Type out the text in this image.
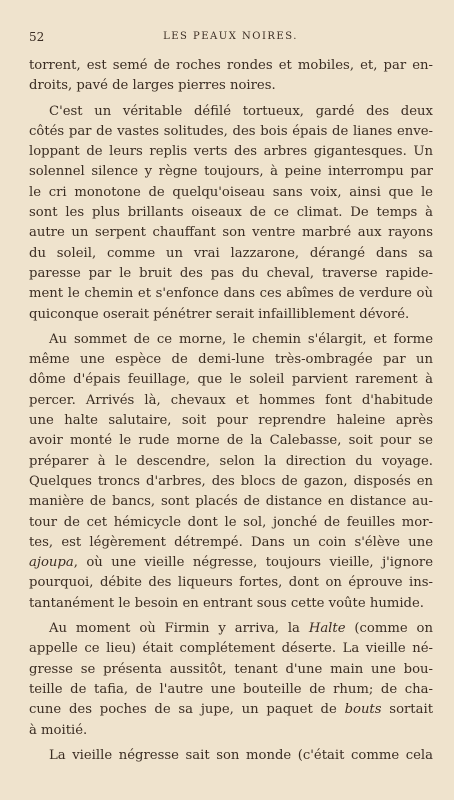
52	LES PEAUX NOIRES.
torrent, est semé de roches rondes et mobiles, et, par en-
droits, pavé de larges pierres noires.
C'est un véritable défilé tortueux, gardé des deux
côtés par de vastes solitudes, des bois épais de lianes enve-
loppant de leurs replis verts des arbres gigantesques. Un
solennel silence y règne toujours, à peine interrompu par
le cri monotone de quelqu'oiseau sans voix, ainsi que le
sont les plus brillants oiseaux de ce climat. De temps à
autre un serpent chauffant son ventre marbré aux rayons
du soleil, comme un vrai lazzarone, dérangé dans sa
paresse par le bruit des pas du cheval, traverse rapide-
ment le chemin et s'enfonce dans ces abîmes de verdure où
quiconque oserait pénétrer serait infailliblement dévoré.
Au sommet de ce morne, le chemin s'élargit, et forme
même une espèce de demi-lune très-ombragée par un
dôme d'épais feuillage, que le soleil parvient rarement à
percer. Arrivés là, chevaux et hommes font d'habitude
une halte salutaire, soit pour reprendre haleine après
avoir monté le rude morne de la Calebasse, soit pour se
préparer à le descendre, selon la direction du voyage.
Quelques troncs d'arbres, des blocs de gazon, disposés en
manière de bancs, sont placés de distance en distance au-
tour de cet hémicycle dont le sol, jonché de feuilles mor-
tes, est légèrement détrempé. Dans un coin s'élève une
ajoupa, où une vieille négresse, toujours vieille, j'ignore
pourquoi, débite des liqueurs fortes, dont on éprouve ins-
tantanément le besoin en entrant sous cette voûte humide.
Au moment où Firmin y arriva, la Halte (comme on
appelle ce lieu) était complétement déserte. La vieille né-
gresse se présenta aussitôt, tenant d'une main une bou-
teille de tafia, de l'autre une bouteille de rhum; de cha-
cune des poches de sa jupe, un paquet de bouts sortait
à moitié.
La vieille négresse sait son monde (c'était comme cela
